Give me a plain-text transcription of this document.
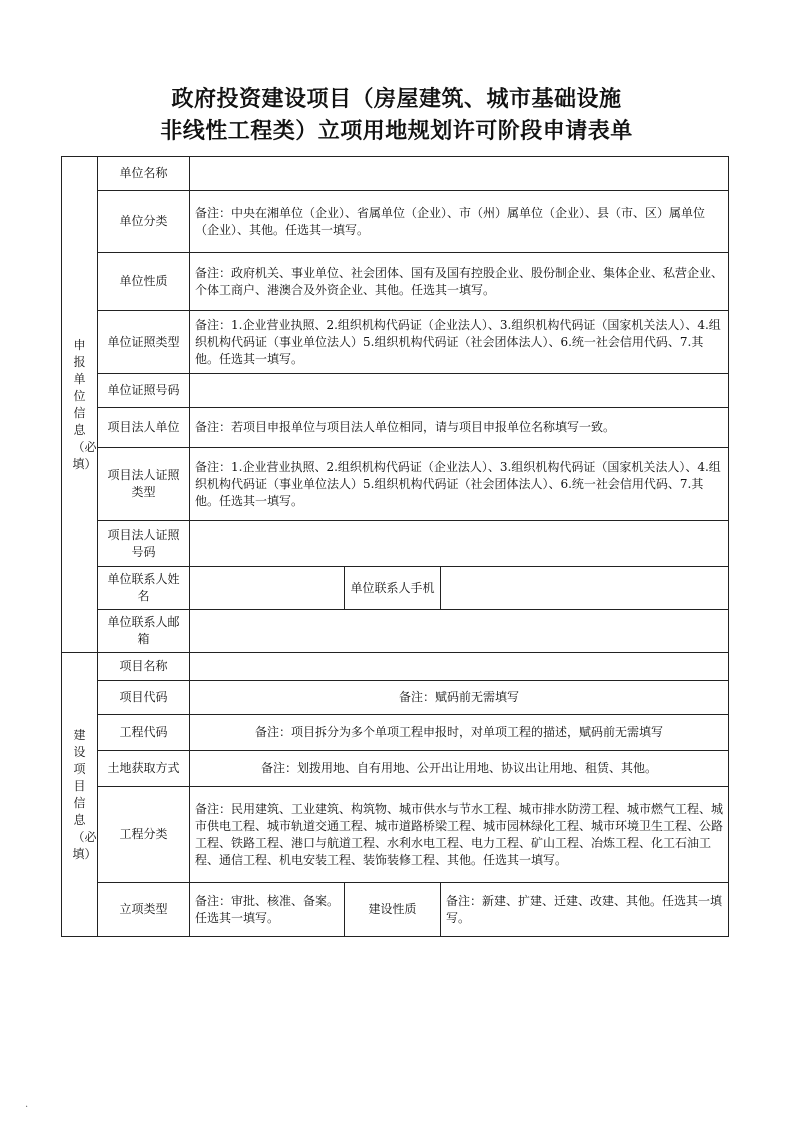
政府投资建设项目（房屋建筑、城市基础设施
非线性工程类）立项用地规划许可阶段申请表单
申报单位信息（必填）	单位名称			
	单位分类	备注：中央在湘单位（企业）、省属单位（企业）、市（州）属单位（企业）、县（市、区）属单位（企业）、其他。任选其一填写。		
	单位性质	备注：政府机关、事业单位、社会团体、国有及国有控股企业、股份制企业、集体企业、私营企业、个体工商户、港澳合及外资企业、其他。任选其一填写。		
	单位证照类型	备注：1.企业营业执照、2.组织机构代码证（企业法人）、3.组织机构代码证（国家机关法人）、4.组织机构代码证（事业单位法人）5.组织机构代码证（社会团体法人）、6.统一社会信用代码、7.其他。任选其一填写。		
	单位证照号码			
	项目法人单位	备注：若项目申报单位与项目法人单位相同，请与项目申报单位名称填写一致。		
	项目法人证照类型	备注：1.企业营业执照、2.组织机构代码证（企业法人）、3.组织机构代码证（国家机关法人）、4.组织机构代码证（事业单位法人）5.组织机构代码证（社会团体法人）、6.统一社会信用代码、7.其他。任选其一填写。		
	项目法人证照号码			
	单位联系人姓名		单位联系人手机	
	单位联系人邮箱			

建设项目信息（必填）	项目名称			
	项目代码	备注：赋码前无需填写		
	工程代码	备注：项目拆分为多个单项工程申报时，对单项工程的描述，赋码前无需填写		
	土地获取方式	备注：划拨用地、自有用地、公开出让用地、协议出让用地、租赁、其他。		
	工程分类	备注：民用建筑、工业建筑、构筑物、城市供水与节水工程、城市排水防涝工程、城市燃气工程、城市供电工程、城市轨道交通工程、城市道路桥梁工程、城市园林绿化工程、城市环境卫生工程、公路工程、铁路工程、港口与航道工程、水利水电工程、电力工程、矿山工程、冶炼工程、化工石油工程、通信工程、机电安装工程、装饰装修工程、其他。任选其一填写。		
	立项类型	备注：审批、核准、备案。任选其一填写。	建设性质	备注：新建、扩建、迁建、改建、其他。任选其一填写。
.
